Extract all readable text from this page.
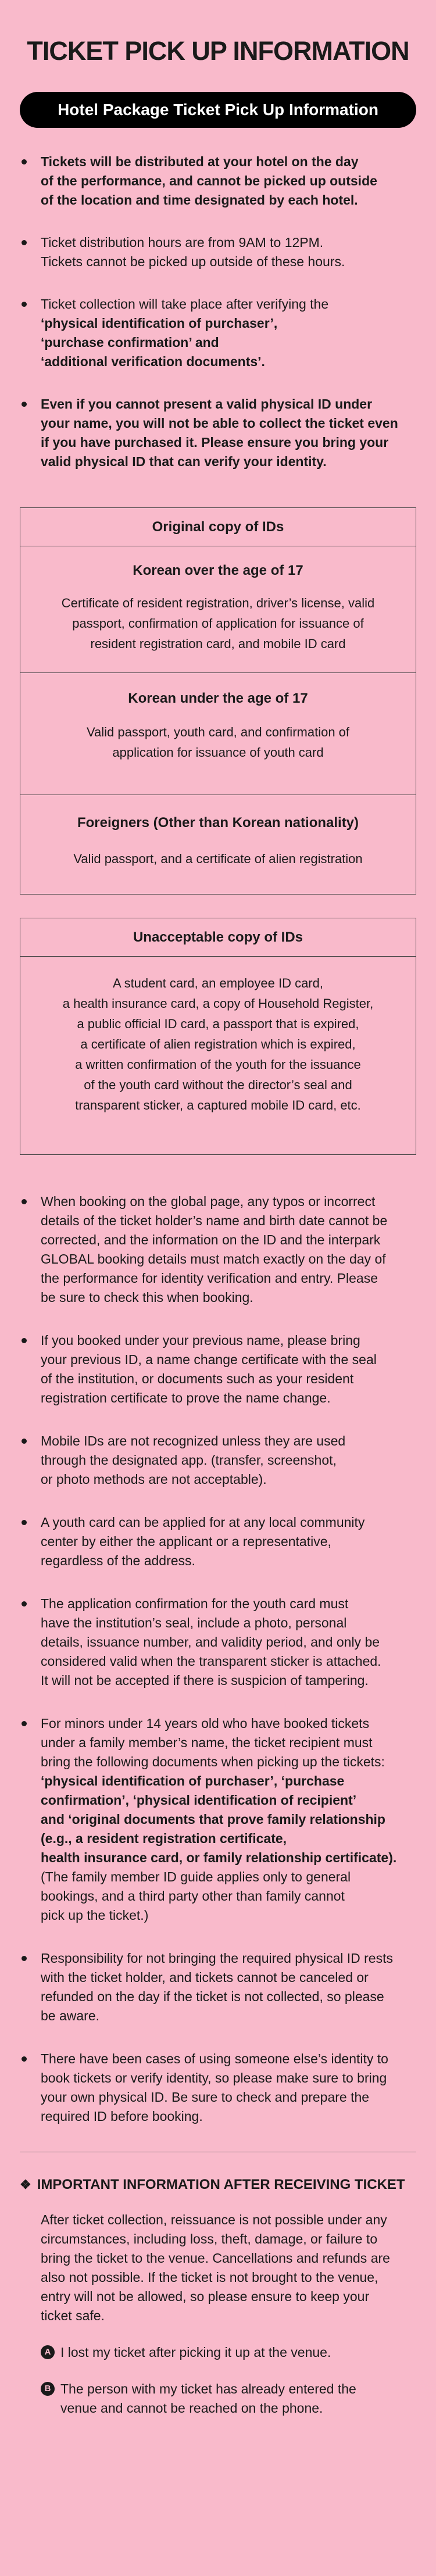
TICKET PICK UP INFORMATION
Hotel Package Ticket Pick Up Information
Tickets will be distributed at your hotel on the day
of the performance, and cannot be picked up outside
of the location and time designated by each hotel.
Ticket distribution hours are from 9AM to 12PM.
Tickets cannot be picked up outside of these hours.
Ticket collection will take place after verifying the
‘physical identification of purchaser’,
‘purchase confirmation’ and
‘additional verification documents’.
Even if you cannot present a valid physical ID under
your name, you will not be able to collect the ticket even
if you have purchased it. Please ensure you bring your
valid physical ID that can verify your identity.
Original copy of IDs
Korean over the age of 17
Certificate of resident registration, driver’s license, valid
passport, confirmation of application for issuance of
resident registration card, and mobile ID card
Korean under the age of 17
Valid passport, youth card, and confirmation of
application for issuance of youth card
Foreigners (Other than Korean nationality)
Valid passport, and a certificate of alien registration
Unacceptable copy of IDs
A student card, an employee ID card,
a health insurance card, a copy of Household Register,
a public official ID card, a passport that is expired,
a certificate of alien registration which is expired,
a written confirmation of the youth for the issuance
of the youth card without the director’s seal and
transparent sticker, a captured mobile ID card, etc.
When booking on the global page, any typos or incorrect
details of the ticket holder’s name and birth date cannot be
corrected, and the information on the ID and the interpark
GLOBAL booking details must match exactly on the day of
the performance for identity verification and entry. Please
be sure to check this when booking.
If you booked under your previous name, please bring
your previous ID, a name change certificate with the seal
of the institution, or documents such as your resident
registration certificate to prove the name change.
Mobile IDs are not recognized unless they are used
through the designated app. (transfer, screenshot,
or photo methods are not acceptable).
A youth card can be applied for at any local community
center by either the applicant or a representative,
regardless of the address.
The application confirmation for the youth card must
have the institution’s seal, include a photo, personal
details, issuance number, and validity period, and only be
considered valid when the transparent sticker is attached.
It will not be accepted if there is suspicion of tampering.
For minors under 14 years old who have booked tickets
under a family member’s name, the ticket recipient must
bring the following documents when picking up the tickets:
‘physical identification of purchaser’, ‘purchase
confirmation’, ‘physical identification of recipient’
and ‘original documents that prove family relationship
(e.g., a resident registration certificate,
health insurance card, or family relationship certificate).
(The family member ID guide applies only to general
bookings, and a third party other than family cannot
pick up the ticket.)
Responsibility for not bringing the required physical ID rests
with the ticket holder, and tickets cannot be canceled or
refunded on the day if the ticket is not collected, so please
be aware.
There have been cases of using someone else’s identity to
book tickets or verify identity, so please make sure to bring
your own physical ID. Be sure to check and prepare the
required ID before booking.
❖ IMPORTANT INFORMATION AFTER RECEIVING TICKET
After ticket collection, reissuance is not possible under any
circumstances, including loss, theft, damage, or failure to
bring the ticket to the venue. Cancellations and refunds are
also not possible. If the ticket is not brought to the venue,
entry will not be allowed, so please ensure to keep your
ticket safe.
A I lost my ticket after picking it up at the venue.
B The person with my ticket has already entered the
venue and cannot be reached on the phone.
